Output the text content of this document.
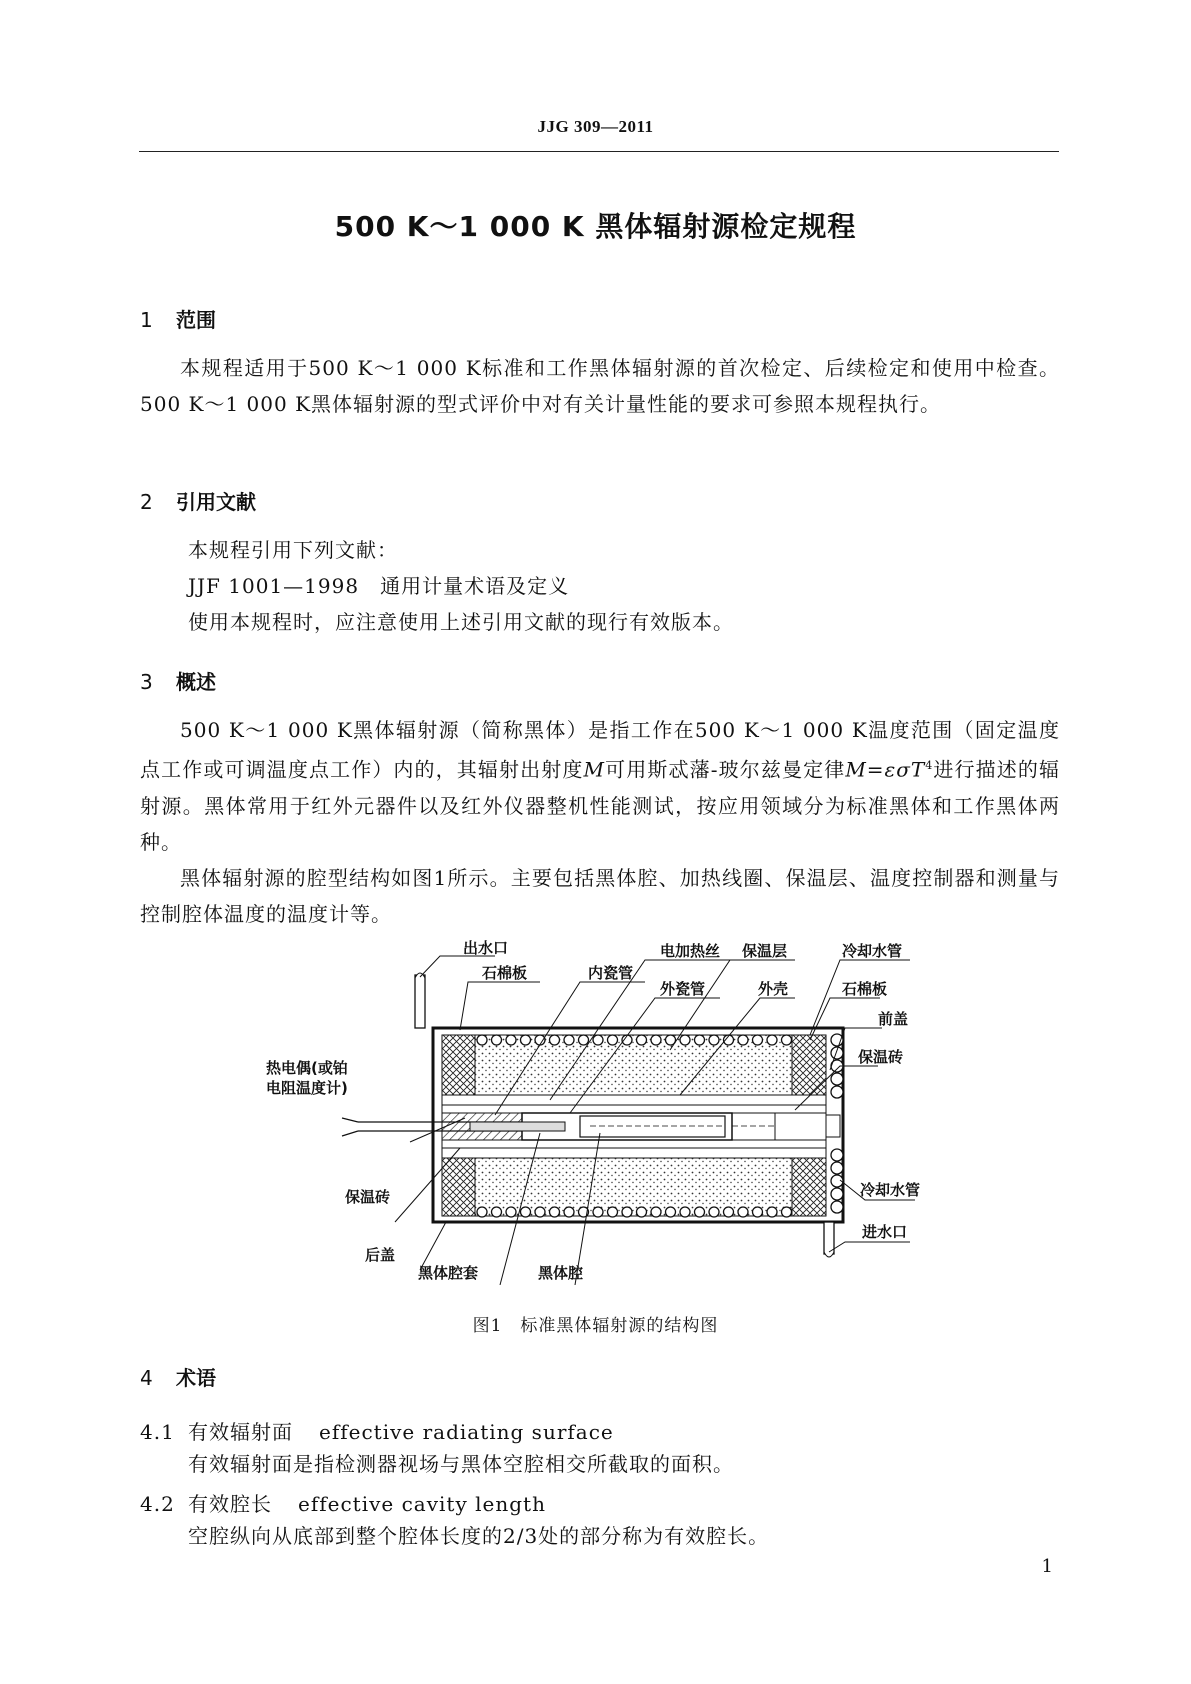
JJG 309—2011
500 K～1 000 K 黑体辐射源检定规程
1 范围

本规程适用于500 K～1 000 K标准和工作黑体辐射源的首次检定、后续检定和使用中检查。500 K～1 000 K黑体辐射源的型式评价中对有关计量性能的要求可参照本规程执行。

2 引用文献
本规程引用下列文献：
JJF 1001—1998　通用计量术语及定义
使用本规程时，应注意使用上述引用文献的现行有效版本。
3 概述

500 K～1 000 K黑体辐射源（简称黑体）是指工作在500 K～1 000 K温度范围（固定温度点工作或可调温度点工作）内的，其辐射出射度M可用斯忒藩-玻尔兹曼定律M=εσT$^4$进行描述的辐射源。黑体常用于红外元器件以及红外仪器整机性能测试，按应用领域分为标准黑体和工作黑体两种。

黑体辐射源的腔型结构如图1所示。主要包括黑体腔、加热线圈、保温层、温度控制器和测量与控制腔体温度的温度计等。

出水口
石棉板	内瓷管
电加热丝
外瓷管
保温层
外壳
冷却水管
石棉板
前盖
保温砖
热电偶(或铂
电阻温度计)
保温砖	冷却水管
后盖
进水口
黑体腔套	黑体腔
图1　标准黑体辐射源的结构图
4 术语
4.1 有效辐射面 effective radiating surface
有效辐射面是指检测器视场与黑体空腔相交所截取的面积。
4.2 有效腔长 effective cavity length
空腔纵向从底部到整个腔体长度的2/3处的部分称为有效腔长。
1
